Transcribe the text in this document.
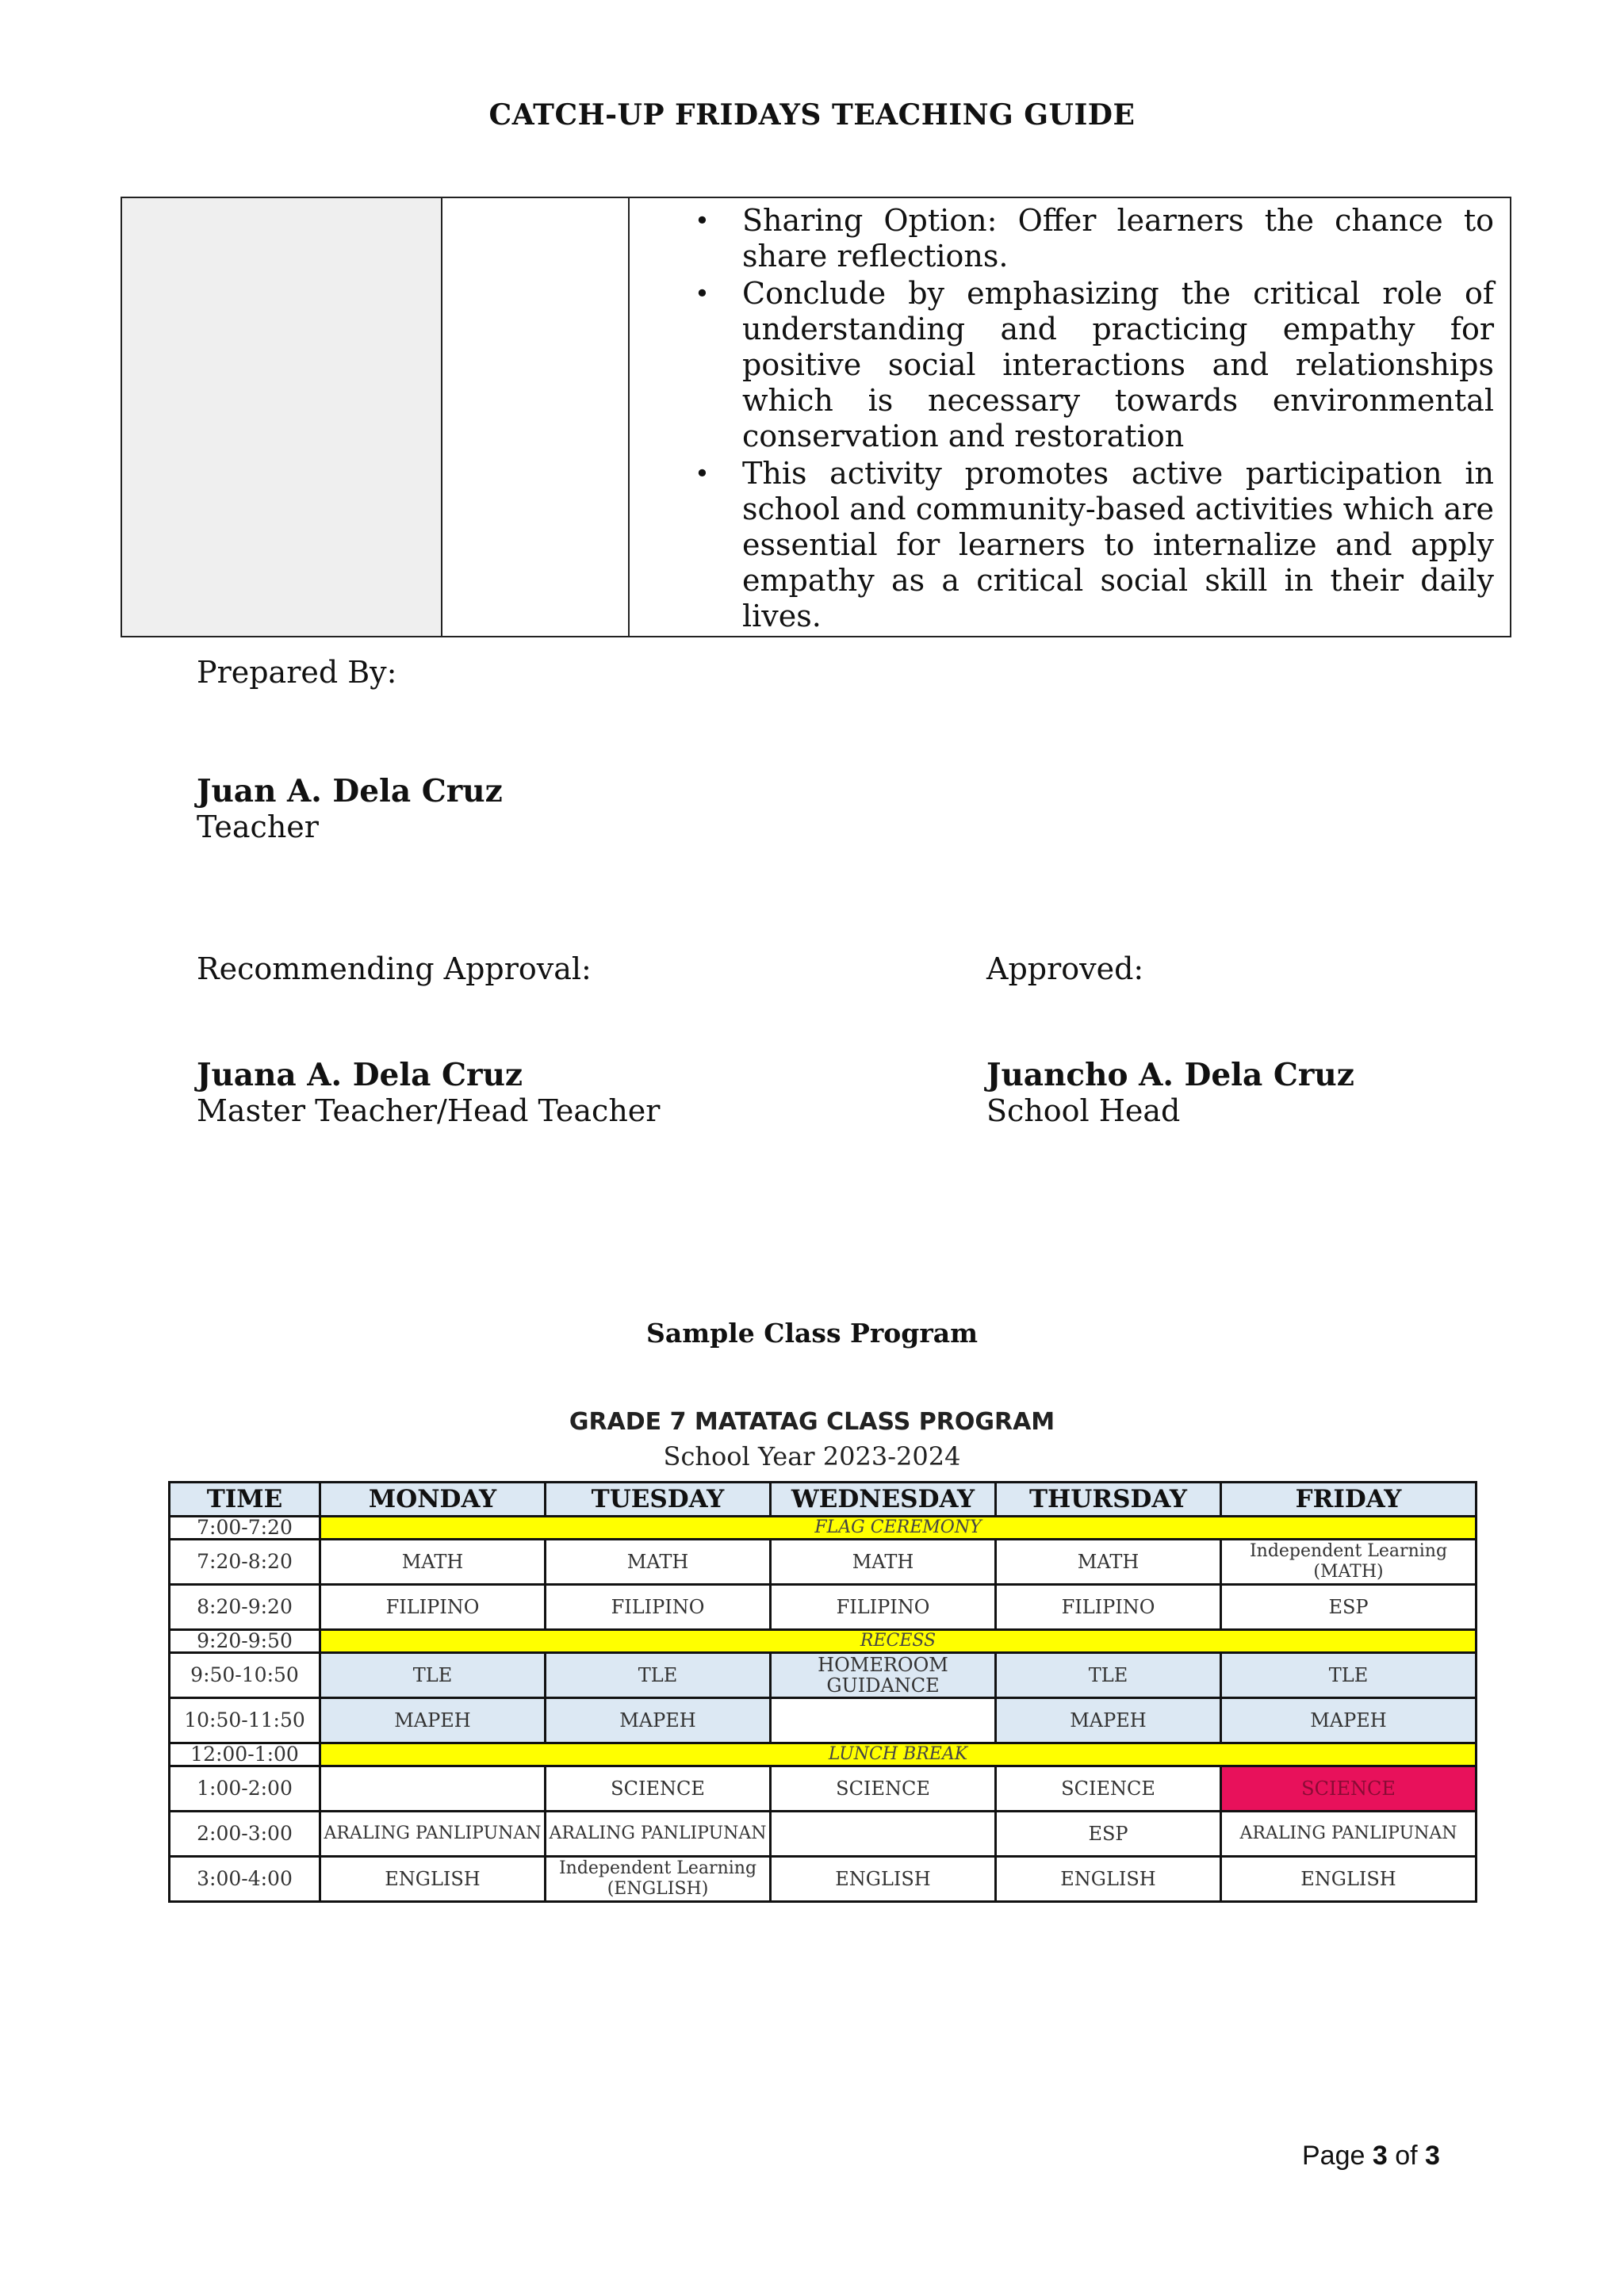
CATCH-UP FRIDAYS TEACHING GUIDE

• Sharing Option: Offer learners the chance to share reflections.
• Conclude by emphasizing the critical role of understanding and practicing empathy for positive social interactions and relationships which is necessary towards environmental conservation and restoration
• This activity promotes active participation in school and community-based activities which are essential for learners to internalize and apply empathy as a critical social skill in their daily lives.
Prepared By:
Juan A. Dela Cruz
Teacher
Recommending Approval:
Juana A. Dela Cruz
Master Teacher/Head Teacher
Approved:
Juancho A. Dela Cruz
School Head
Sample Class Program
GRADE 7 MATATAG CLASS PROGRAM
School Year 2023-2024
TIME	MONDAY	TUESDAY	WEDNESDAY	THURSDAY	FRIDAY
7:00-7:20	FLAG CEREMONY				
7:20-8:20	MATH	MATH	MATH	MATH	Independent Learning
(MATH)

8:20-9:20	FILIPINO	FILIPINO	FILIPINO	FILIPINO	ESP
9:20-9:50	RECESS				
9:50-10:50	TLE	TLE	HOMEROOM GUIDANCE	TLE	TLE
10:50-11:50	MAPEH	MAPEH		MAPEH	MAPEH
12:00-1:00	LUNCH BREAK				
1:00-2:00		SCIENCE	SCIENCE	SCIENCE	SCIENCE
2:00-3:00	ARALING PANLIPUNAN	ARALING PANLIPUNAN		ESP	ARALING PANLIPUNAN
3:00-4:00	ENGLISH	Independent Learning
(ENGLISH)	ENGLISH	ENGLISH	ENGLISH
Page 3 of 3
